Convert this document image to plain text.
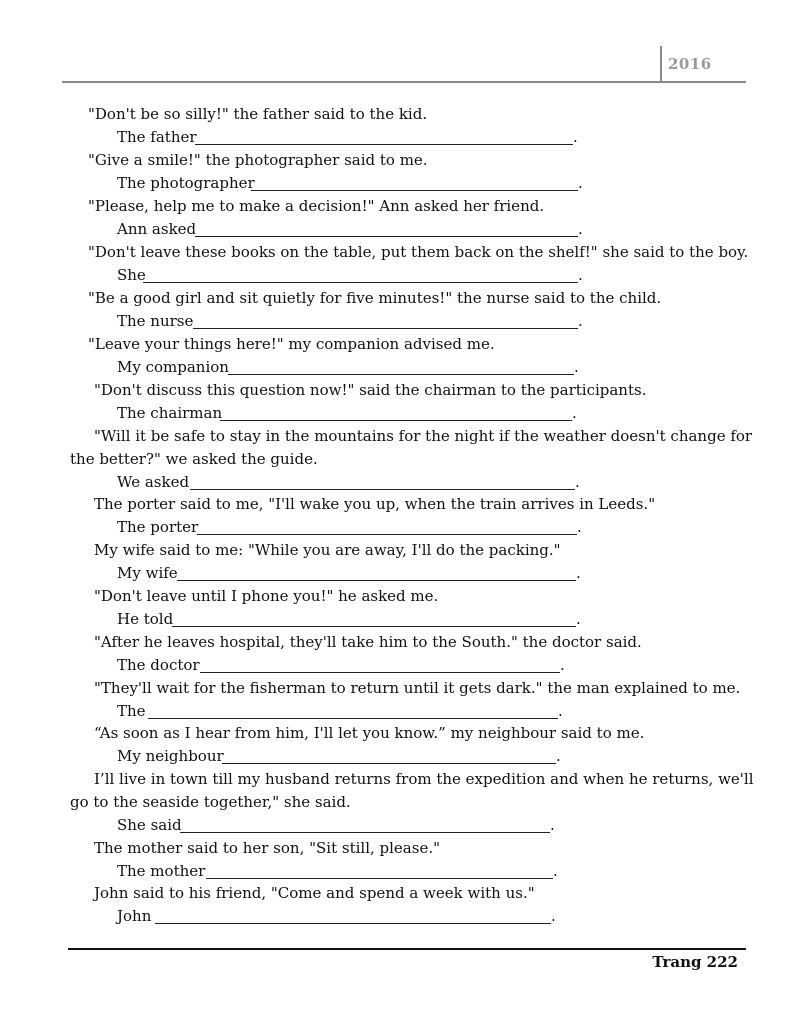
2016
"Don't be so silly!" the father said to the kid.
The father	.
"Give a smile!" the photographer said to me.
The photographer	.
"Please, help me to make a decision!" Ann asked her friend.
Ann asked	.
"Don't leave these books on the table, put them back on the shelf!" she said to the boy.
She	.
"Be a good girl and sit quietly for five minutes!" the nurse said to the child.
The nurse	.
"Leave your things here!" my companion advised me.
My companion	.
"Don't discuss this question now!" said the chairman to the participants.
The chairman	.
"Will it be safe to stay in the mountains for the night if the weather doesn't change for
the better?" we asked the guide.
We asked	.
The porter said to me, "I'll wake you up, when the train arrives in Leeds."
The porter	.
My wife said to me: "While you are away, I'll do the packing."
My wife	.
"Don't leave until I phone you!" he asked me.
He told	.
"After he leaves hospital, they'll take him to the South." the doctor said.
The doctor	.
"They'll wait for the fisherman to return until it gets dark." the man explained to me.
The	.
“As soon as I hear from him, I'll let you know.” my neighbour said to me.
My neighbour	.
I’ll live in town till my husband returns from the expedition and when he returns, we'll
go to the seaside together," she said.
She said	.
The mother said to her son, "Sit still, please."
The mother	.
John said to his friend, "Come and spend a week with us."
John	.
Trang 222
